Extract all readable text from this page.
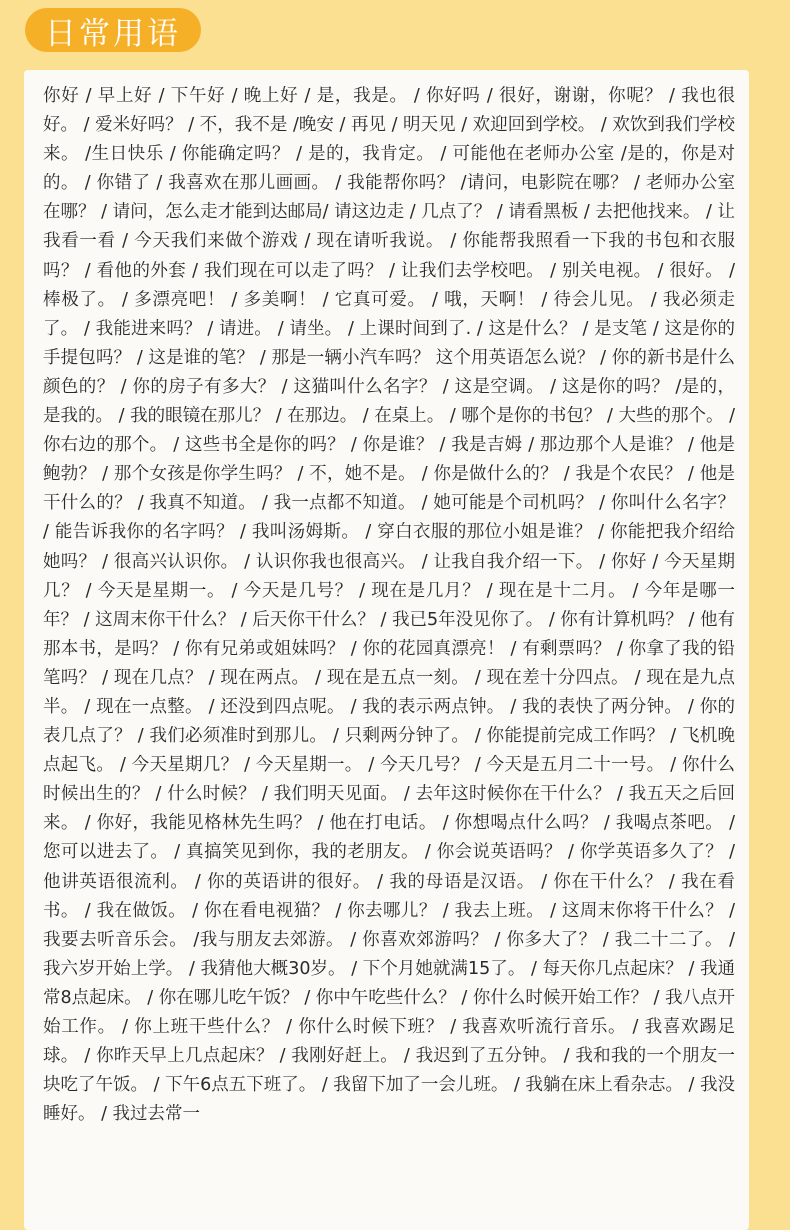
日常用语

你好 / 早上好 / 下午好 / 晚上好 / 是，我是。 / 你好吗 / 很好，谢谢，你呢？ / 我也很好。 / 爱米好吗？ / 不，我不是 /晚安 / 再见 / 明天见 / 欢迎回到学校。 / 欢饮到我们学校来。 /生日快乐 / 你能确定吗？ / 是的，我肯定。 / 可能他在老师办公室 /是的，你是对的。 / 你错了 / 我喜欢在那儿画画。 / 我能帮你吗？ /请问，电影院在哪？ / 老师办公室在哪？ / 请问，怎么走才能到达邮局/ 请这边走 / 几点了？ / 请看黑板 / 去把他找来。 / 让我看一看 / 今天我们来做个游戏 / 现在请听我说。 / 你能帮我照看一下我的书包和衣服吗？ / 看他的外套 / 我们现在可以走了吗？ / 让我们去学校吧。 / 别关电视。 / 很好。 / 棒极了。 / 多漂亮吧！ / 多美啊！ / 它真可爱。 / 哦，天啊！ / 待会儿见。 / 我必须走了。 / 我能进来吗？ / 请进。 / 请坐。 / 上课时间到了. / 这是什么？ / 是支笔 / 这是你的手提包吗？ / 这是谁的笔？ / 那是一辆小汽车吗？ 这个用英语怎么说？ / 你的新书是什么颜色的？ / 你的房子有多大？ / 这猫叫什么名字？ / 这是空调。 / 这是你的吗？ /是的，是我的。 / 我的眼镜在那儿？ / 在那边。 / 在桌上。 / 哪个是你的书包？ / 大些的那个。 / 你右边的那个。 / 这些书全是你的吗？ / 你是谁？ / 我是吉姆 / 那边那个人是谁？ / 他是鲍勃？ / 那个女孩是你学生吗？ / 不，她不是。 / 你是做什么的？ / 我是个农民？ / 他是干什么的？ / 我真不知道。 / 我一点都不知道。 / 她可能是个司机吗？ / 你叫什么名字？ / 能告诉我你的名字吗？ / 我叫汤姆斯。 / 穿白衣服的那位小姐是谁？ / 你能把我介绍给她吗？ / 很高兴认识你。 / 认识你我也很高兴。 / 让我自我介绍一下。 / 你好 / 今天星期几？ / 今天是星期一。 / 今天是几号？ / 现在是几月？ / 现在是十二月。 / 今年是哪一年？ / 这周末你干什么？ / 后天你干什么？ / 我已5年没见你了。 / 你有计算机吗？ / 他有那本书，是吗？ / 你有兄弟或姐妹吗？ / 你的花园真漂亮！ / 有剩票吗？ / 你拿了我的铅笔吗？ / 现在几点？ / 现在两点。 / 现在是五点一刻。 / 现在差十分四点。 / 现在是九点半。 / 现在一点整。 / 还没到四点呢。 / 我的表示两点钟。 / 我的表快了两分钟。 / 你的表几点了？ / 我们必须准时到那儿。 / 只剩两分钟了。 / 你能提前完成工作吗？ / 飞机晚点起飞。 / 今天星期几？ / 今天星期一。 / 今天几号？ / 今天是五月二十一号。 / 你什么时候出生的？ / 什么时候？ / 我们明天见面。 / 去年这时候你在干什么？ / 我五天之后回来。 / 你好，我能见格林先生吗？ / 他在打电话。 / 你想喝点什么吗？ / 我喝点茶吧。 / 您可以进去了。 / 真搞笑见到你，我的老朋友。 / 你会说英语吗？ / 你学英语多久了？ / 他讲英语很流利。 / 你的英语讲的很好。 / 我的母语是汉语。 / 你在干什么？ / 我在看书。 / 我在做饭。 / 你在看电视猫？ / 你去哪儿？ / 我去上班。 / 这周末你将干什么？ / 我要去听音乐会。 /我与朋友去郊游。 / 你喜欢郊游吗？ / 你多大了？ / 我二十二了。 / 我六岁开始上学。 / 我猜他大概30岁。 / 下个月她就满15了。 / 每天你几点起床？ / 我通常8点起床。 / 你在哪儿吃午饭？ / 你中午吃些什么？ / 你什么时候开始工作？ / 我八点开始工作。 / 你上班干些什么？ / 你什么时候下班？ / 我喜欢听流行音乐。 / 我喜欢踢足球。 / 你昨天早上几点起床？ / 我刚好赶上。 / 我迟到了五分钟。 / 我和我的一个朋友一块吃了午饭。 / 下午6点五下班了。 / 我留下加了一会儿班。 / 我躺在床上看杂志。 / 我没睡好。 / 我过去常一
